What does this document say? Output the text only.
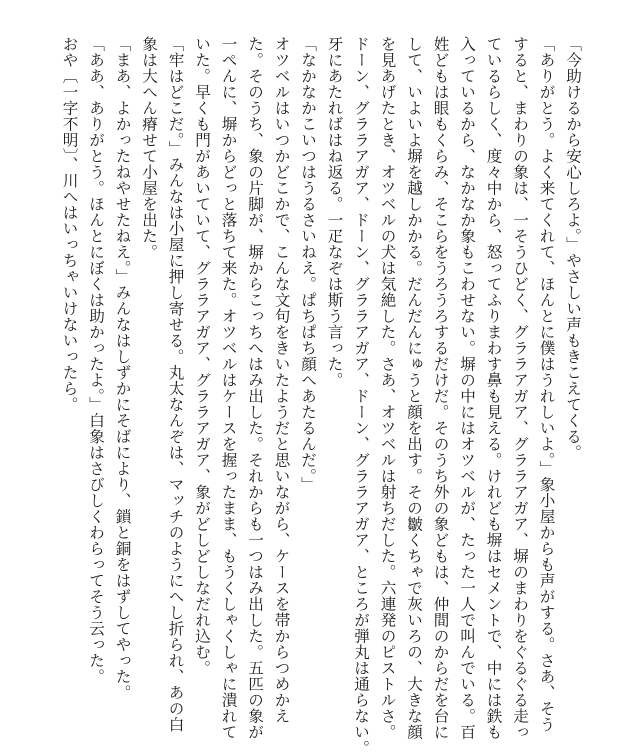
「今助けるから安心しろよ。」やさしい声もきこえてくる。
「ありがとう。よく来てくれて、ほんとに僕はうれしいよ。」象小屋からも声がする。さあ、そう
すると、まわりの象は、一そうひどく、グララアガア、グララアガア、塀のまわりをぐるぐる走っ
ているらしく、度々中から、怒ってふりまわす鼻も見える。けれども塀はセメントで、中には鉄も
入っているから、なかなか象もこわせない。塀の中にはオツベルが、たった一人で叫んでいる。百
姓どもは眼もくらみ、そこらをうろうろするだけだ。そのうち外の象どもは、仲間のからだを台に
して、いよいよ塀を越しかかる。だんだんにゅうと顔を出す。その皺くちゃで灰いろの、大きな顔
を見あげたとき、オツベルの犬は気絶した。さあ、オツベルは射ちだした。六連発のピストルさ。
ドーン、グララアガア、ドーン、グララアガア、ドーン、グララアガア、ところが弾丸は通らない。
牙にあたればはね返る。一疋なぞは斯う言った。
「なかなかこいつはうるさいねえ。ぱちぱち顔へあたるんだ。」
オツベルはいつかどこかで、こんな文句をきいたようだと思いながら、ケースを帯からつめかえ
た。そのうち、象の片脚が、塀からこっちへはみ出した。それからも一つはみ出した。五匹の象が
一ぺんに、塀からどっと落ちて来た。オツベルはケースを握ったまま、もうくしゃくしゃに潰れて
いた。早くも門があいていて、グララアガア、グララアガア、象がどしどしなだれ込む。
「牢はどこだ。」みんなは小屋に押し寄せる。丸太なんぞは、マッチのようにへし折られ、あの白
象は大へん瘠せて小屋を出た。
「まあ、よかったねやせたねえ。」みんなはしずかにそばにより、鎖と銅をはずしてやった。
「ああ、ありがとう。ほんとにぼくは助かったよ。」白象はさびしくわらってそう云った。
おや〔一字不明〕、川へはいっちゃいけないったら。
